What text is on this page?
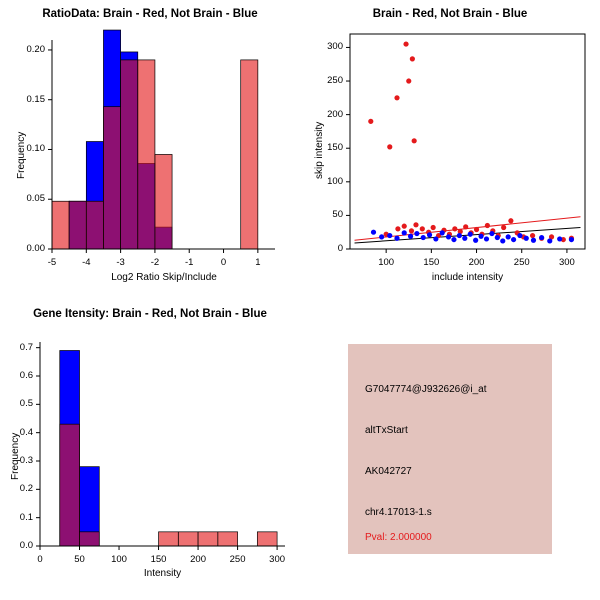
RatioData: Brain - Red, Not Brain - Blue
-5	-4	-3	-2	-1	0	1
0.00
0.05
0.10
0.15
0.20
Log2 Ratio Skip/Include
Frequency
Brain - Red, Not Brain - Blue
100	150	200	250	300
0
50
100
150
200
250
300
include intensity
skip intensity
Gene Itensity: Brain - Red, Not Brain - Blue
0	50	100	150	200	250	300
0.0
0.1
0.2
0.3
0.4
0.5
0.6
0.7
Intensity
Frequency
G7047774@J932626@i_at
altTxStart
AK042727
chr4.17013-1.s
Pval: 2.000000
